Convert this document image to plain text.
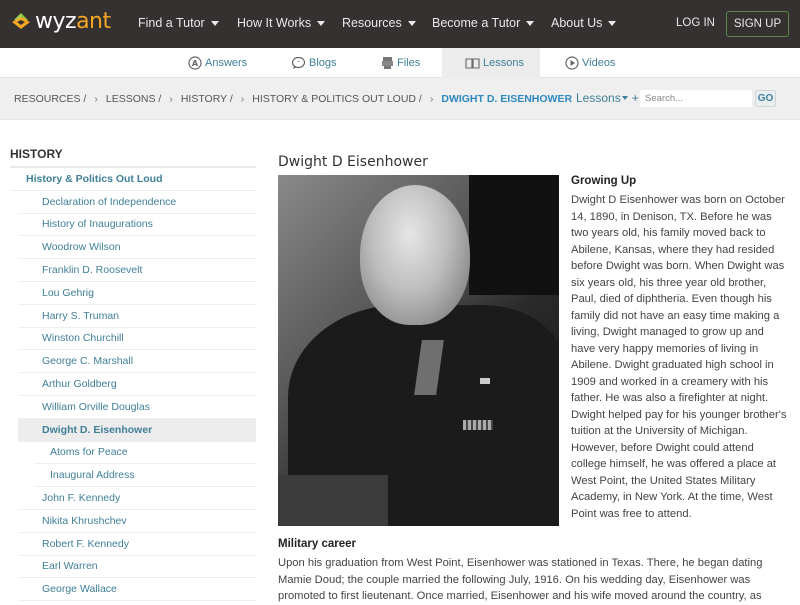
wyzant Find a Tutor	How It Works Resources Become a Tutor About Us	LOG IN	SIGN UP
A Answers	“ Blogs	Files	Lessons	Videos
RESOURCES / › LESSONS / › HISTORY / › HISTORY & POLITICS OUT LOUD / › DWIGHT D. EISENHOWER Lessons +
Search...	GO
HISTORY
History & Politics Out Loud
Declaration of Independence
History of Inaugurations
Woodrow Wilson
Franklin D. Roosevelt
Lou Gehrig
Harry S. Truman
Winston Churchill
George C. Marshall
Arthur Goldberg
William Orville Douglas
Dwight D. Eisenhower
Atoms for Peace
Inaugural Address
John F. Kennedy
Nikita Khrushchev
Robert F. Kennedy
Earl Warren
George Wallace
Dwight D Eisenhower
Growing Up
Dwight D Eisenhower was born on October 14, 1890, in Denison, TX. Before he was two years old, his family moved back to Abilene, Kansas, where they had resided before Dwight was born. When Dwight was six years old, his three year old brother, Paul, died of diphtheria. Even though his family did not have an easy time making a living, Dwight managed to grow up and have very happy memories of living in Abilene. Dwight graduated high school in 1909 and worked in a creamery with his father. He was also a firefighter at night. Dwight helped pay for his younger brother's tuition at the University of Michigan. However, before Dwight could attend college himself, he was offered a place at West Point, the United States Military Academy, in New York. At the time, West Point was free to attend.
Military career
Upon his graduation from West Point, Eisenhower was stationed in Texas. There, he began dating Mamie Doud; the couple married the following July, 1916. On his wedding day, Eisenhower was promoted to first lieutenant. Once married, Eisenhower and his wife moved around the country, as
